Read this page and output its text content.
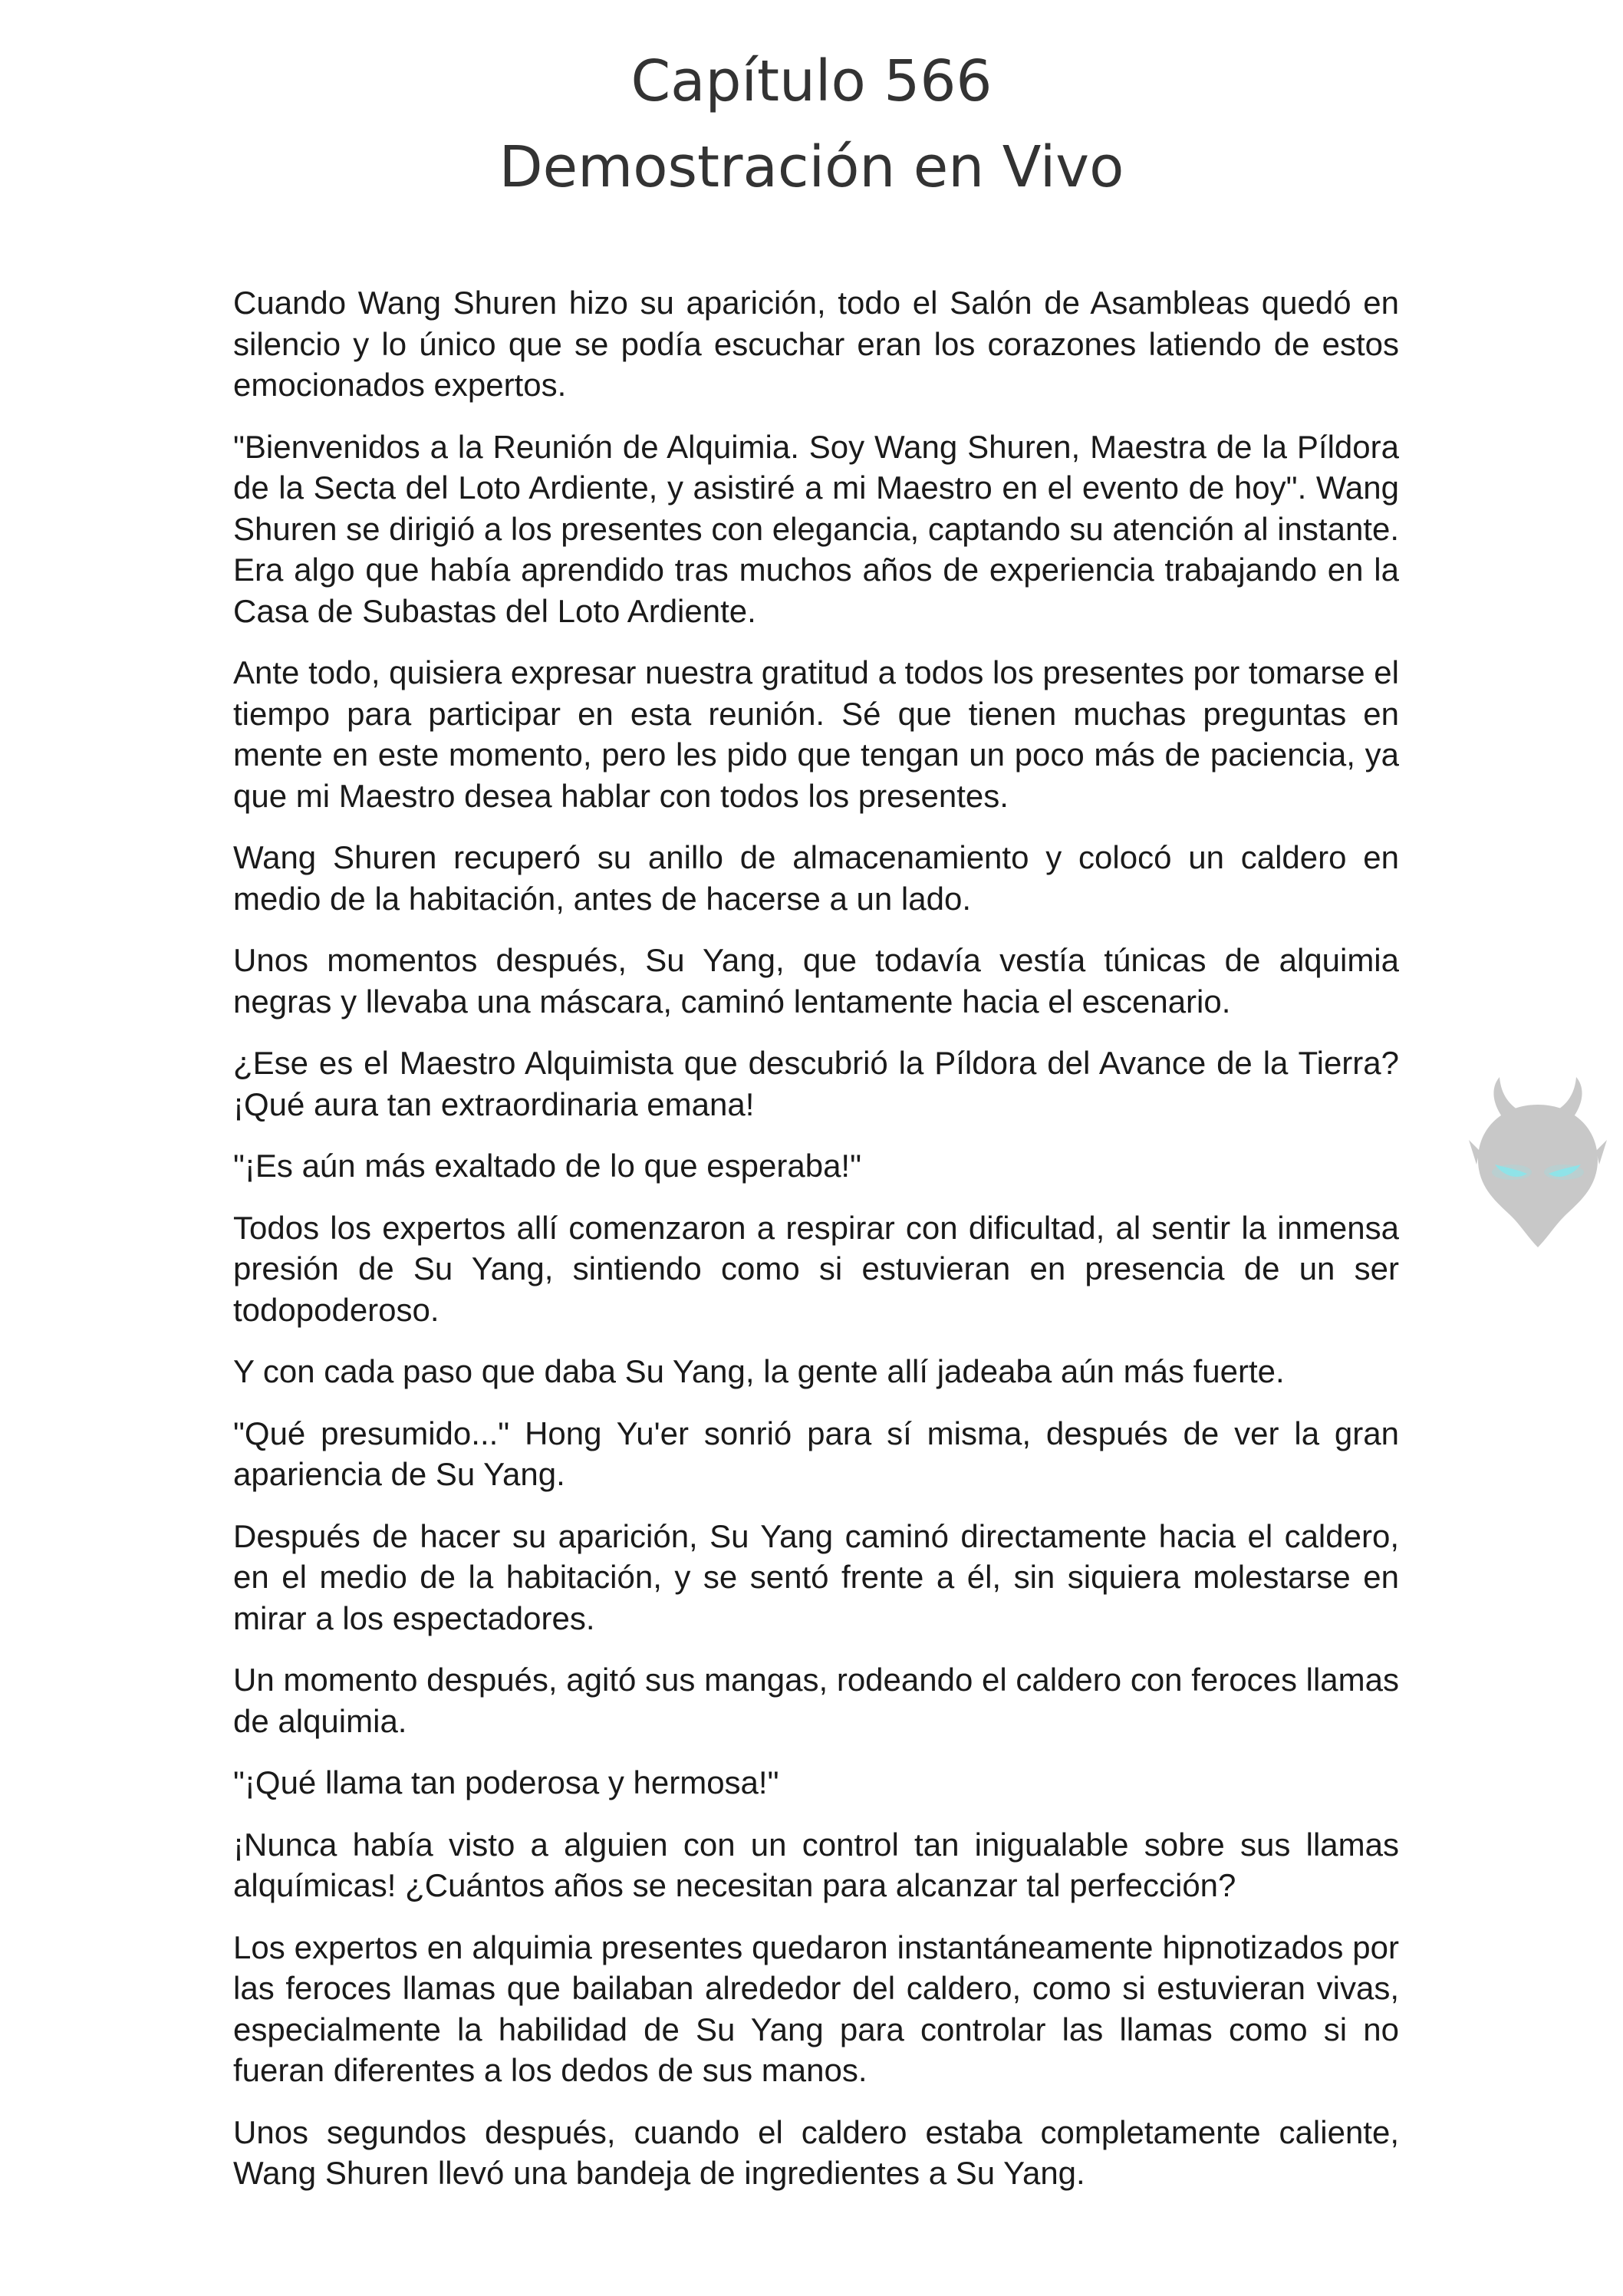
Capítulo 566
Demostración en Vivo

Cuando Wang Shuren hizo su aparición, todo el Salón de Asambleas quedó en silencio y lo único que se podía escuchar eran los corazones latiendo de estos emocionados expertos.

"Bienvenidos a la Reunión de Alquimia. Soy Wang Shuren, Maestra de la Píldora de la Secta del Loto Ardiente, y asistiré a mi Maestro en el evento de hoy". Wang Shuren se dirigió a los presentes con elegancia, captando su atención al instante. Era algo que había aprendido tras muchos años de experiencia trabajando en la Casa de Subastas del Loto Ardiente.

Ante todo, quisiera expresar nuestra gratitud a todos los presentes por tomarse el tiempo para participar en esta reunión. Sé que tienen muchas preguntas en mente en este momento, pero les pido que tengan un poco más de paciencia, ya que mi Maestro desea hablar con todos los presentes.

Wang Shuren recuperó su anillo de almacenamiento y colocó un caldero en medio de la habitación, antes de hacerse a un lado.

Unos momentos después, Su Yang, que todavía vestía túnicas de alquimia negras y llevaba una máscara, caminó lentamente hacia el escenario.

¿Ese es el Maestro Alquimista que descubrió la Píldora del Avance de la Tierra? ¡Qué aura tan extraordinaria emana!

"¡Es aún más exaltado de lo que esperaba!"

Todos los expertos allí comenzaron a respirar con dificultad, al sentir la inmensa presión de Su Yang, sintiendo como si estuvieran en presencia de un ser todopoderoso.

Y con cada paso que daba Su Yang, la gente allí jadeaba aún más fuerte.

"Qué presumido..." Hong Yu'er sonrió para sí misma, después de ver la gran apariencia de Su Yang.

Después de hacer su aparición, Su Yang caminó directamente hacia el caldero, en el medio de la habitación, y se sentó frente a él, sin siquiera molestarse en mirar a los espectadores.

Un momento después, agitó sus mangas, rodeando el caldero con feroces llamas de alquimia.

"¡Qué llama tan poderosa y hermosa!"

¡Nunca había visto a alguien con un control tan inigualable sobre sus llamas alquímicas! ¿Cuántos años se necesitan para alcanzar tal perfección?

Los expertos en alquimia presentes quedaron instantáneamente hipnotizados por las feroces llamas que bailaban alrededor del caldero, como si estuvieran vivas, especialmente la habilidad de Su Yang para controlar las llamas como si no fueran diferentes a los dedos de sus manos.

Unos segundos después, cuando el caldero estaba completamente caliente, Wang Shuren llevó una bandeja de ingredientes a Su Yang.
